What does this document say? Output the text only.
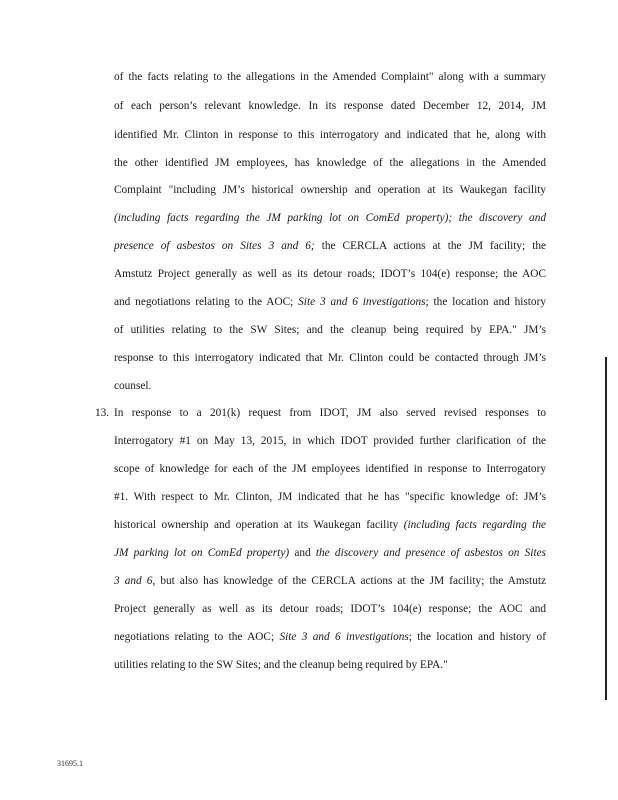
of the facts relating to the allegations in the Amended Complaint" along with a summary
of each person’s relevant knowledge. In its response dated December 12, 2014, JM
identified Mr. Clinton in response to this interrogatory and indicated that he, along with
the other identified JM employees, has knowledge of the allegations in the Amended
Complaint "including JM’s historical ownership and operation at its Waukegan facility
(including facts regarding the JM parking lot on ComEd property); the discovery and
presence of asbestos on Sites 3 and 6; the CERCLA actions at the JM facility; the
Amstutz Project generally as well as its detour roads; IDOT’s 104(e) response; the AOC
and negotiations relating to the AOC; Site 3 and 6 investigations; the location and history
of utilities relating to the SW Sites; and the cleanup being required by EPA." JM’s
response to this interrogatory indicated that Mr. Clinton could be contacted through JM’s
counsel.
13. In response to a 201(k) request from IDOT, JM also served revised responses to
Interrogatory #1 on May 13, 2015, in which IDOT provided further clarification of the
scope of knowledge for each of the JM employees identified in response to Interrogatory
#1. With respect to Mr. Clinton, JM indicated that he has "specific knowledge of: JM’s
historical ownership and operation at its Waukegan facility (including facts regarding the
JM parking lot on ComEd property) and the discovery and presence of asbestos on Sites
3 and 6, but also has knowledge of the CERCLA actions at the JM facility; the Amstutz
Project generally as well as its detour roads; IDOT’s 104(e) response; the AOC and
negotiations relating to the AOC; Site 3 and 6 investigations; the location and history of
utilities relating to the SW Sites; and the cleanup being required by EPA."
31695.1
